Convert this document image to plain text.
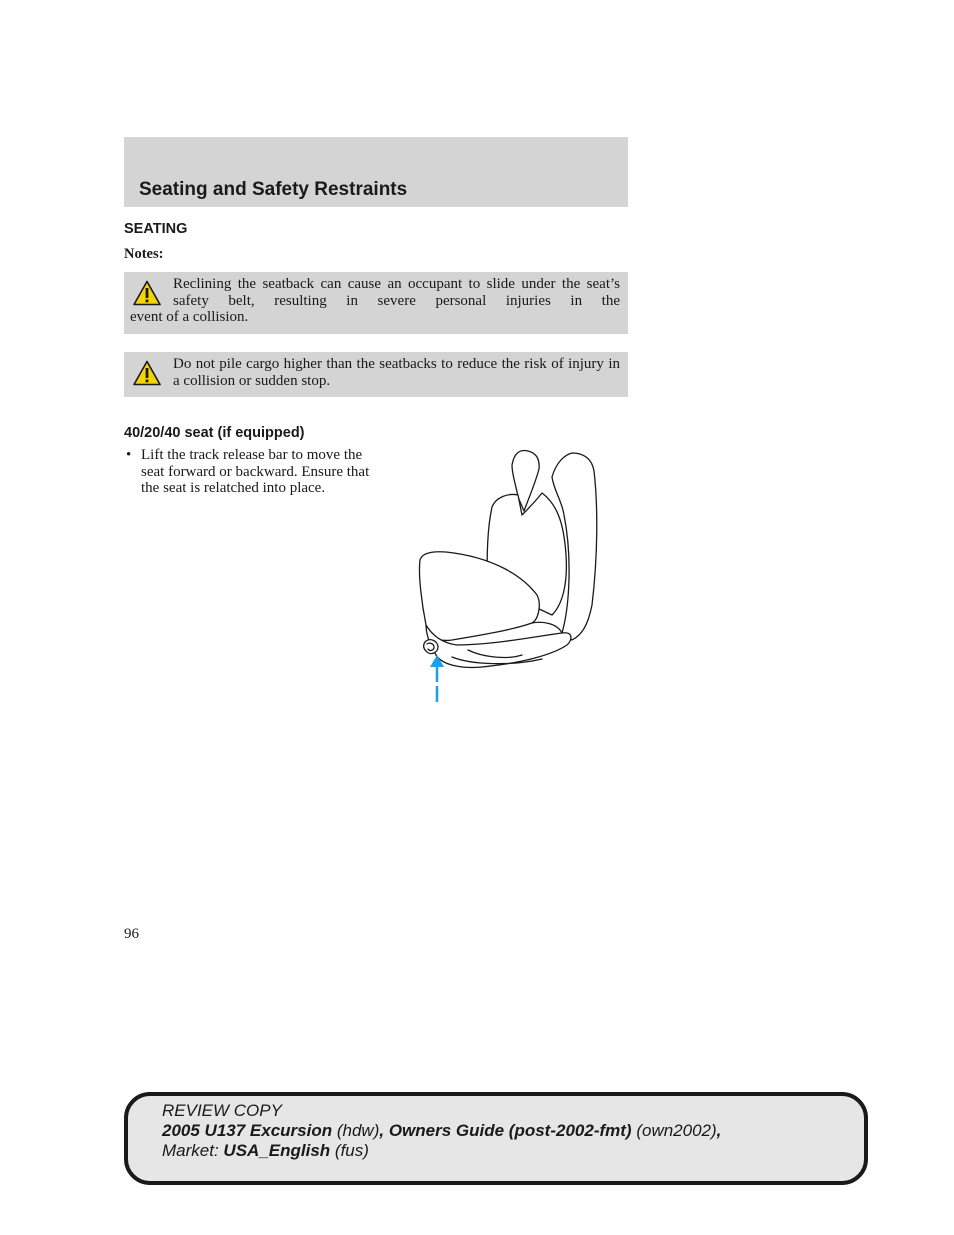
Seating and Safety Restraints
SEATING
Notes:
Reclining the seatback can cause an occupant to slide under the seat’s safety belt, resulting in severe personal injuries in the
event of a collision.
Do not pile cargo higher than the seatbacks to reduce the risk of injury in a collision or sudden stop.
40/20/40 seat (if equipped)
• Lift the track release bar to move the seat forward or backward. Ensure that the seat is relatched into place.
96
REVIEW COPY
2005 U137 Excursion (hdw), Owners Guide (post-2002-fmt) (own2002),
Market: USA_English (fus)
